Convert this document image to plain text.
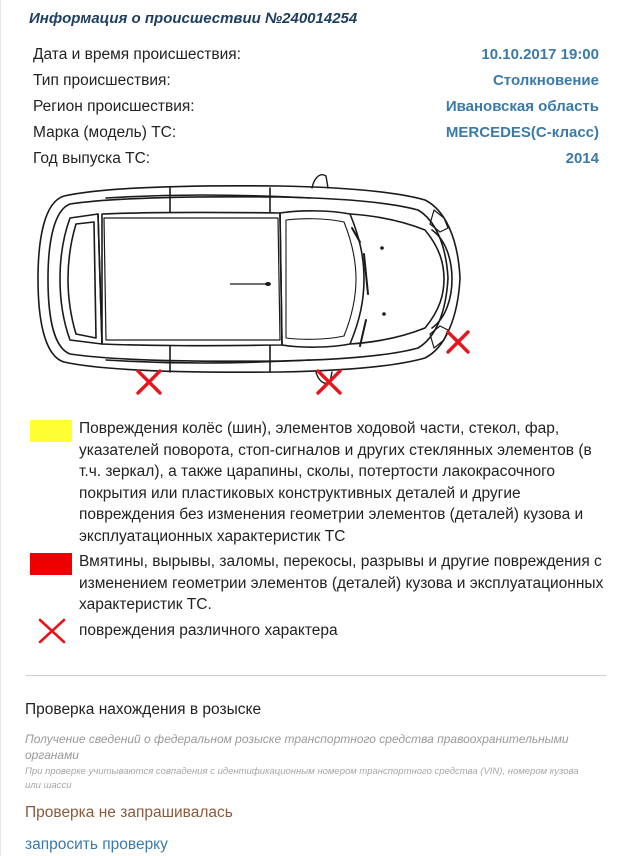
Информация о происшествии №240014254
Дата и время происшествия:	10.10.2017 19:00
Тип происшествия:	Столкновение
Регион происшествия:	Ивановская область
Марка (модель) ТС:	MERCEDES(C-класс)
Год выпуска ТС:	2014
Повреждения колёс (шин), элементов ходовой части, стекол, фар, указателей поворота, стоп-сигналов и других стеклянных элементов (в т.ч. зеркал), а также царапины, сколы, потертости лакокрасочного покрытия или пластиковых конструктивных деталей и другие повреждения без изменения геометрии элементов (деталей) кузова и эксплуатационных характеристик ТС
Вмятины, вырывы, заломы, перекосы, разрывы и другие повреждения с изменением геометрии элементов (деталей) кузова и эксплуатационных характеристик ТС.
повреждения различного характера
Проверка нахождения в розыске
Получение сведений о федеральном розыске транспортного средства правоохранительными органами
При проверке учитываются совпадения с идентификационным номером транспортного средства (VIN), номером кузова или шасси
Проверка не запрашивалась
запросить проверку
